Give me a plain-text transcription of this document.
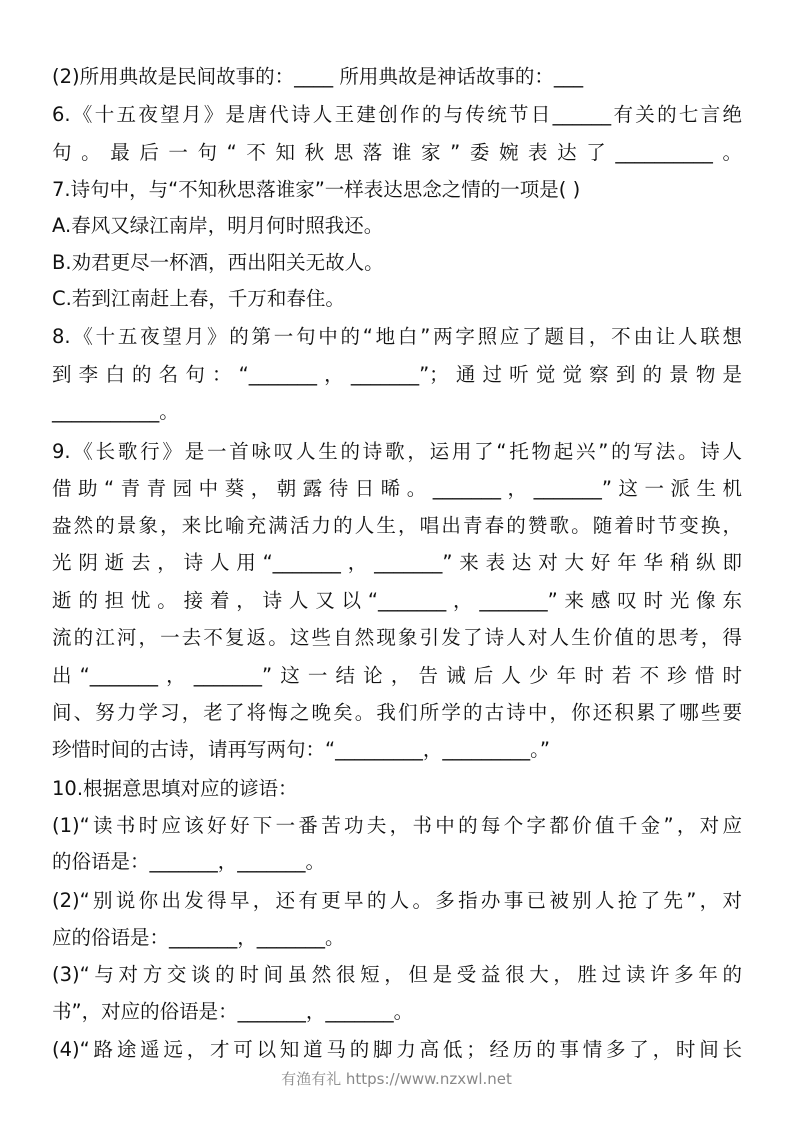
(2)所用典故是民间故事的：____ 所用典故是神话故事的：___
6.《十五夜望月》是唐代诗人王建创作的与传统节日______有关的七言绝
句。最后一句“不知秋思落谁家”委婉表达了__________。
7.诗句中，与“不知秋思落谁家”一样表达思念之情的一项是( )
A.春风又绿江南岸，明月何时照我还。
B.劝君更尽一杯酒，西出阳关无故人。
C.若到江南赶上春，千万和春住。
8.《十五夜望月》的第一句中的“地白”两字照应了题目，不由让人联想
到李白的名句：“_______，_______”；通过听觉觉察到的景物是
___________。
9.《长歌行》是一首咏叹人生的诗歌，运用了“托物起兴”的写法。诗人
借助“青青园中葵，朝露待日晞。_______，_______”这一派生机
盎然的景象，来比喻充满活力的人生，唱出青春的赞歌。随着时节变换，
光阴逝去，诗人用“_______，_______”来表达对大好年华稍纵即
逝的担忧。接着，诗人又以“_______，_______”来感叹时光像东
流的江河，一去不复返。这些自然现象引发了诗人对人生价值的思考，得
出“_______，_______”这一结论，告诫后人少年时若不珍惜时
间、努力学习，老了将悔之晚矣。我们所学的古诗中，你还积累了哪些要
珍惜时间的古诗，请再写两句：“_________，_________。”
10.根据意思填对应的谚语：
(1)“读书时应该好好下一番苦功夫，书中的每个字都价值千金”，对应
的俗语是：_______，_______。
(2)“别说你出发得早，还有更早的人。多指办事已被别人抢了先”，对
应的俗语是：_______，_______。
(3)“与对方交谈的时间虽然很短，但是受益很大，胜过读许多年的
书”，对应的俗语是：_______，_______。
(4)“路途遥远，才可以知道马的脚力高低；经历的事情多了，时间长
有渔有礼 https://www.nzxwl.net
